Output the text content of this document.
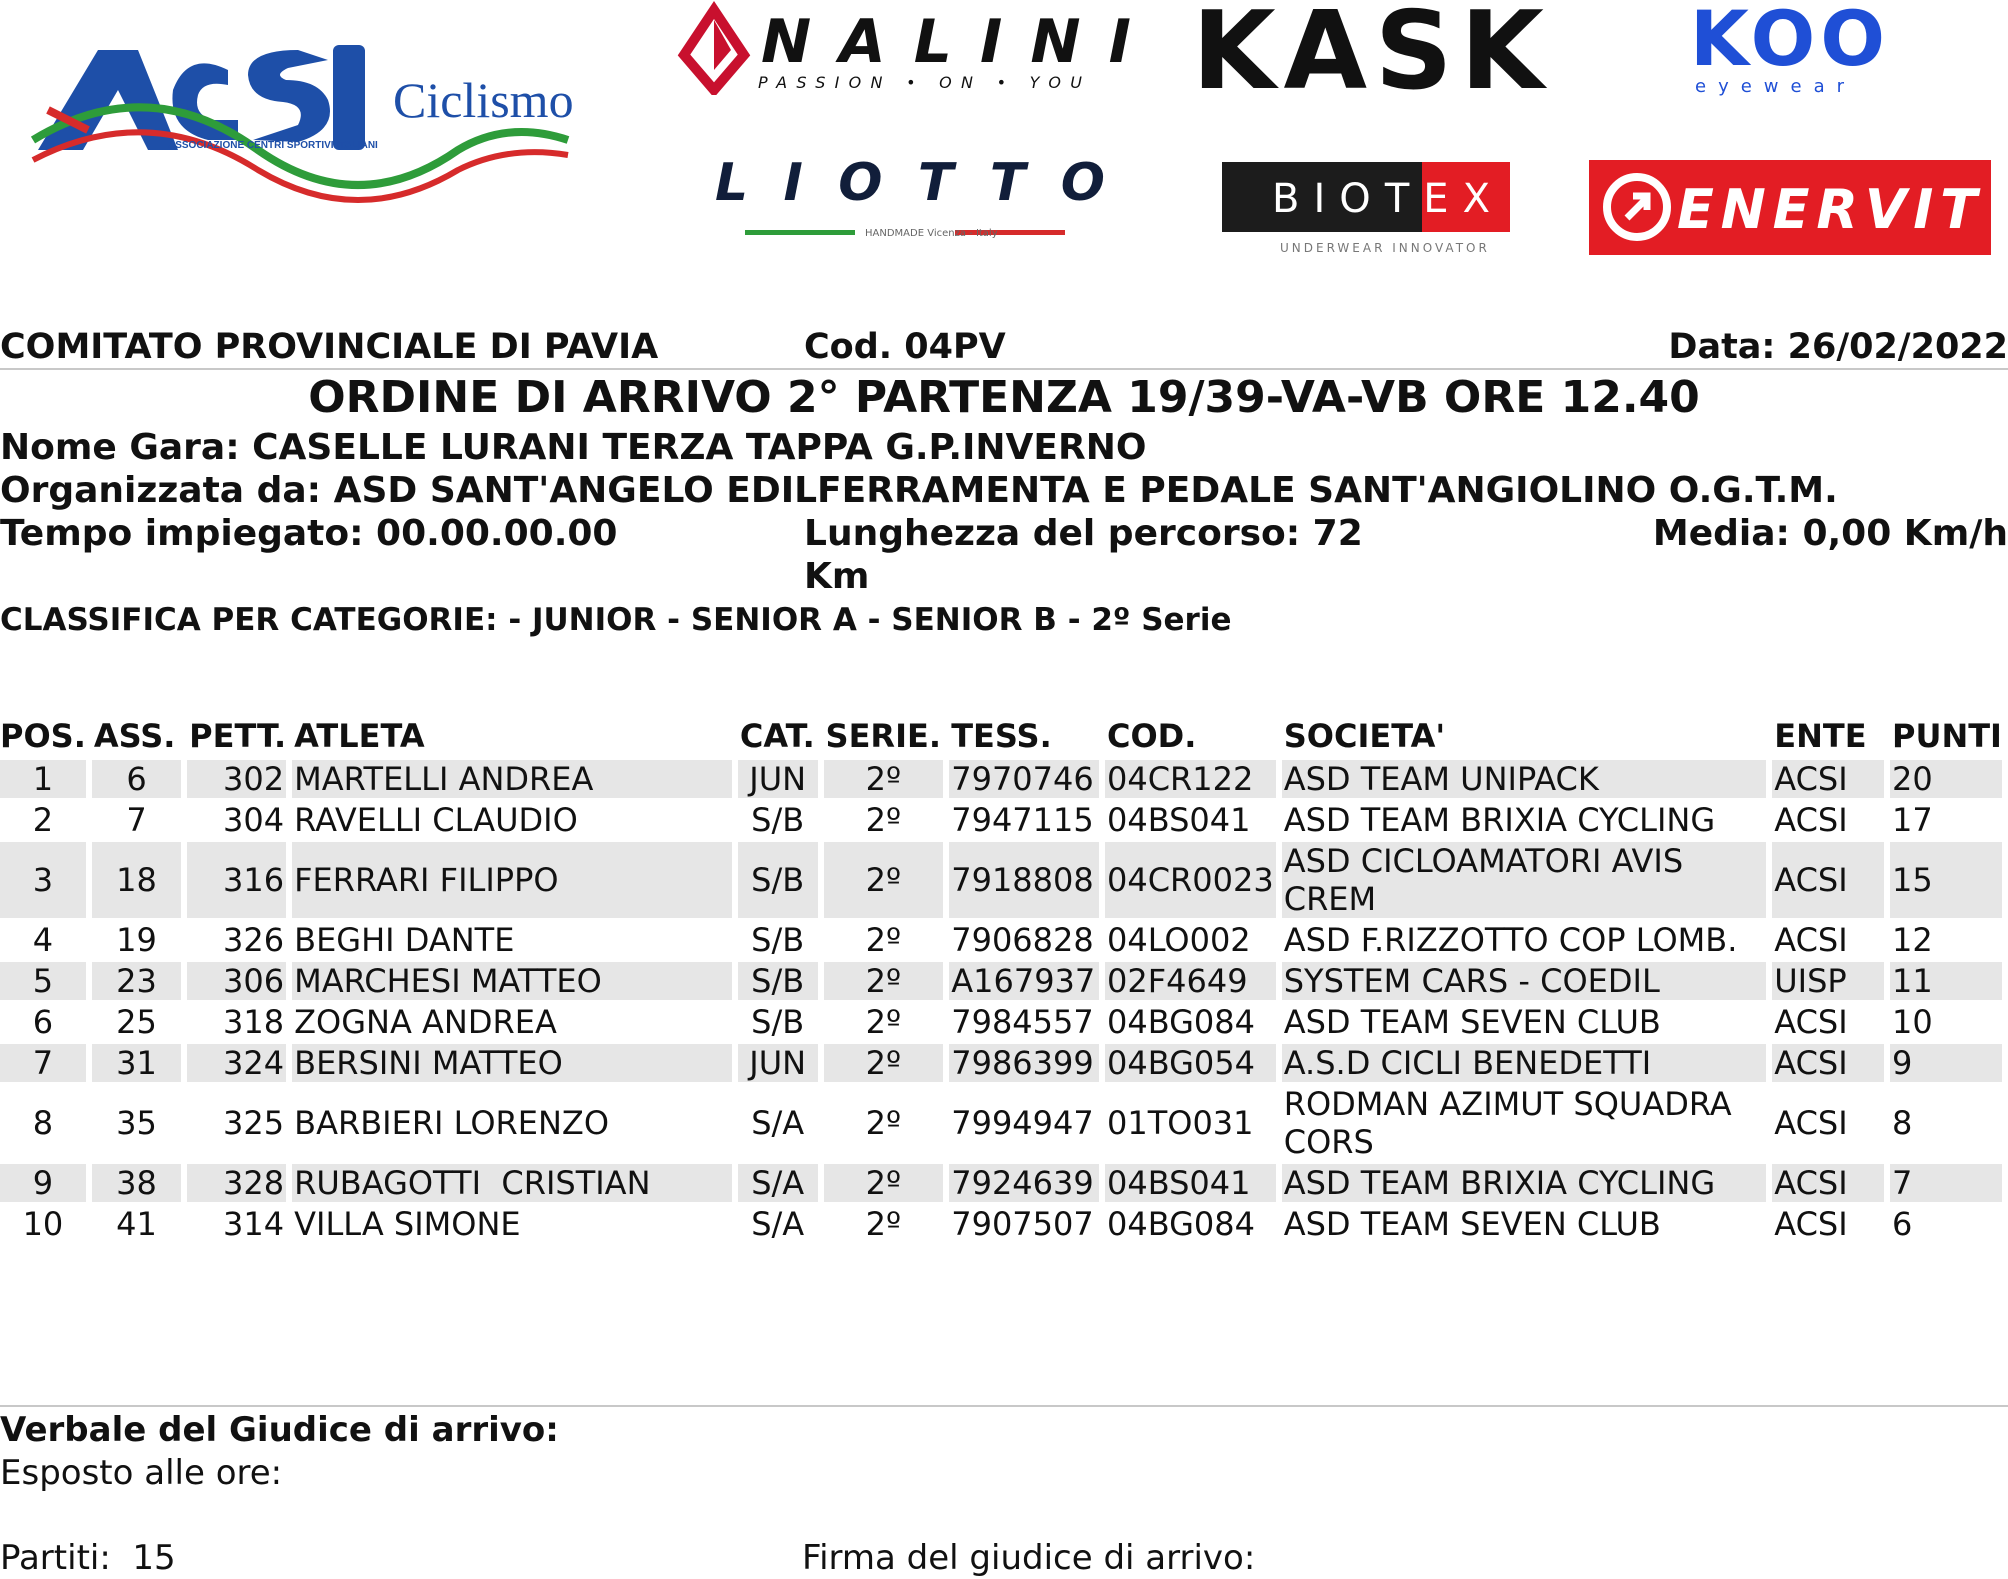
ASSOCIAZIONE CENTRI SPORTIVI ITALIANI
Ciclismo
NALINI
PASSION • ON • YOU KASK KOO
eyewear
LIOTTO
HANDMADE Vicenza - Italy
BIOTEX
UNDERWEAR INNOVATOR
ENERVIT
COMITATO PROVINCIALE DI PAVIA	Cod. 04PV	Data: 26/02/2022
ORDINE DI ARRIVO 2° PARTENZA 19/39-VA-VB ORE 12.40
Nome Gara: CASELLE LURANI TERZA TAPPA G.P.INVERNO
Organizzata da: ASD SANT'ANGELO EDILFERRAMENTA E PEDALE SANT'ANGIOLINO O.G.T.M.
Tempo impiegato: 00.00.00.00	Lunghezza del percorso: 72
Km
Media: 0,00 Km/h
CLASSIFICA PER CATEGORIE: - JUNIOR - SENIOR A - SENIOR B - 2º Serie
POS.	ASS.	PETT.	ATLETA	CAT.	SERIE.	TESS.	COD.	SOCIETA'	ENTE	PUNTI
1	6	302	MARTELLI ANDREA	JUN	2º	7970746	04CR122	ASD TEAM UNIPACK	ACSI	20
2	7	304	RAVELLI CLAUDIO	S/B	2º	7947115	04BS041	ASD TEAM BRIXIA CYCLING	ACSI	17
3	18	316	FERRARI FILIPPO	S/B	2º	7918808	04CR0023	ASD CICLOAMATORI AVIS CREM	ACSI	15
4	19	326	BEGHI DANTE	S/B	2º	7906828	04LO002	ASD F.RIZZOTTO COP LOMB.	ACSI	12
5	23	306	MARCHESI MATTEO	S/B	2º	A167937	02F4649	SYSTEM CARS - COEDIL	UISP	11
6	25	318	ZOGNA ANDREA	S/B	2º	7984557	04BG084	ASD TEAM SEVEN CLUB	ACSI	10
7	31	324	BERSINI MATTEO	JUN	2º	7986399	04BG054	A.S.D CICLI BENEDETTI	ACSI	9
8	35	325	BARBIERI LORENZO	S/A	2º	7994947	01TO031	RODMAN AZIMUT SQUADRA CORS	ACSI	8
9	38	328	RUBAGOTTI  CRISTIAN	S/A	2º	7924639	04BS041	ASD TEAM BRIXIA CYCLING	ACSI	7
10	41	314	VILLA SIMONE	S/A	2º	7907507	04BG084	ASD TEAM SEVEN CLUB	ACSI	6
Verbale del Giudice di arrivo:
Esposto alle ore:
Partiti:  15	Firma del giudice di arrivo:
